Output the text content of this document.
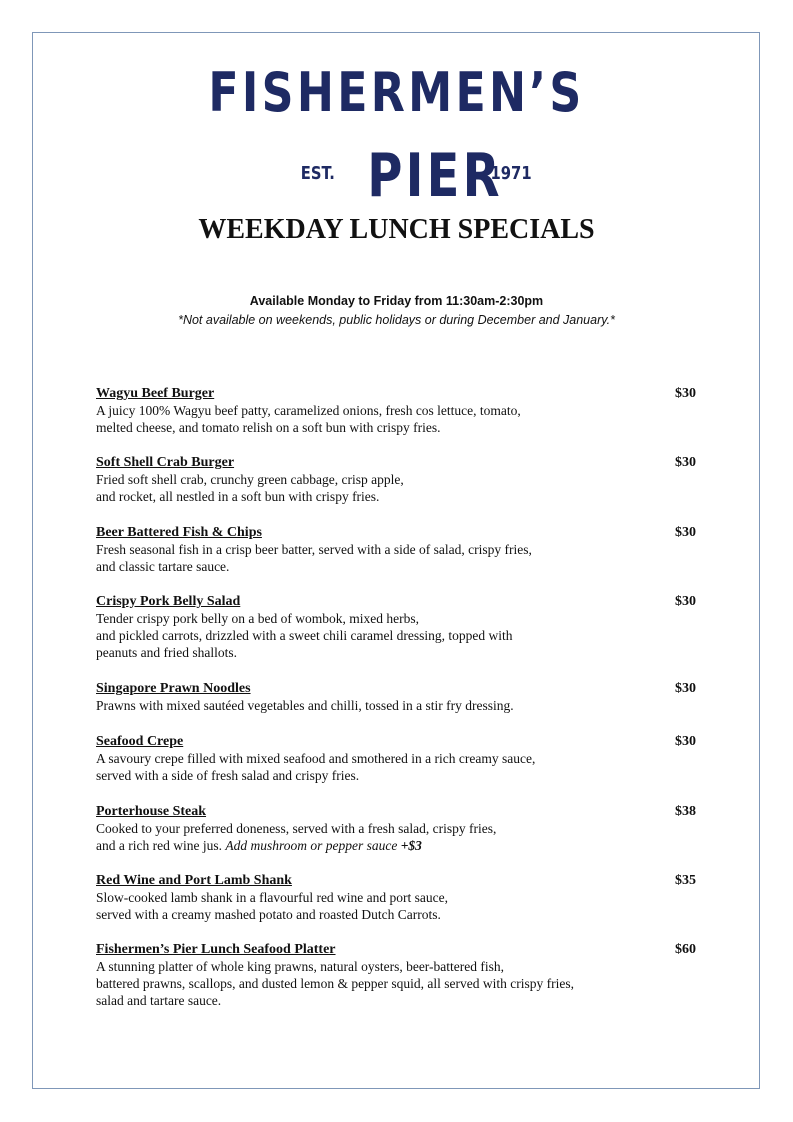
FISHERMEN’S
EST. PIER
1971
WEEKDAY LUNCH SPECIALS
Available Monday to Friday from 11:30am-2:30pm
*Not available on weekends, public holidays or during December and January.*
Wagyu Beef Burger	$30
A juicy 100% Wagyu beef patty, caramelized onions, fresh cos lettuce, tomato,
melted cheese, and tomato relish on a soft bun with crispy fries.
Soft Shell Crab Burger	$30
Fried soft shell crab, crunchy green cabbage, crisp apple,
and rocket, all nestled in a soft bun with crispy fries.
Beer Battered Fish & Chips	$30
Fresh seasonal fish in a crisp beer batter, served with a side of salad, crispy fries,
and classic tartare sauce.
Crispy Pork Belly Salad	$30
Tender crispy pork belly on a bed of wombok, mixed herbs,
and pickled carrots, drizzled with a sweet chili caramel dressing, topped with
peanuts and fried shallots.
Singapore Prawn Noodles	$30
Prawns with mixed sautéed vegetables and chilli, tossed in a stir fry dressing.
Seafood Crepe	$30
A savoury crepe filled with mixed seafood and smothered in a rich creamy sauce,
served with a side of fresh salad and crispy fries.
Porterhouse Steak	$38
Cooked to your preferred doneness, served with a fresh salad, crispy fries,
and a rich red wine jus. Add mushroom or pepper sauce +$3
Red Wine and Port Lamb Shank	$35
Slow-cooked lamb shank in a flavourful red wine and port sauce,
served with a creamy mashed potato and roasted Dutch Carrots.
Fishermen’s Pier Lunch Seafood Platter	$60
A stunning platter of whole king prawns, natural oysters, beer-battered fish,
battered prawns, scallops, and dusted lemon & pepper squid, all served with crispy fries,
salad and tartare sauce.
